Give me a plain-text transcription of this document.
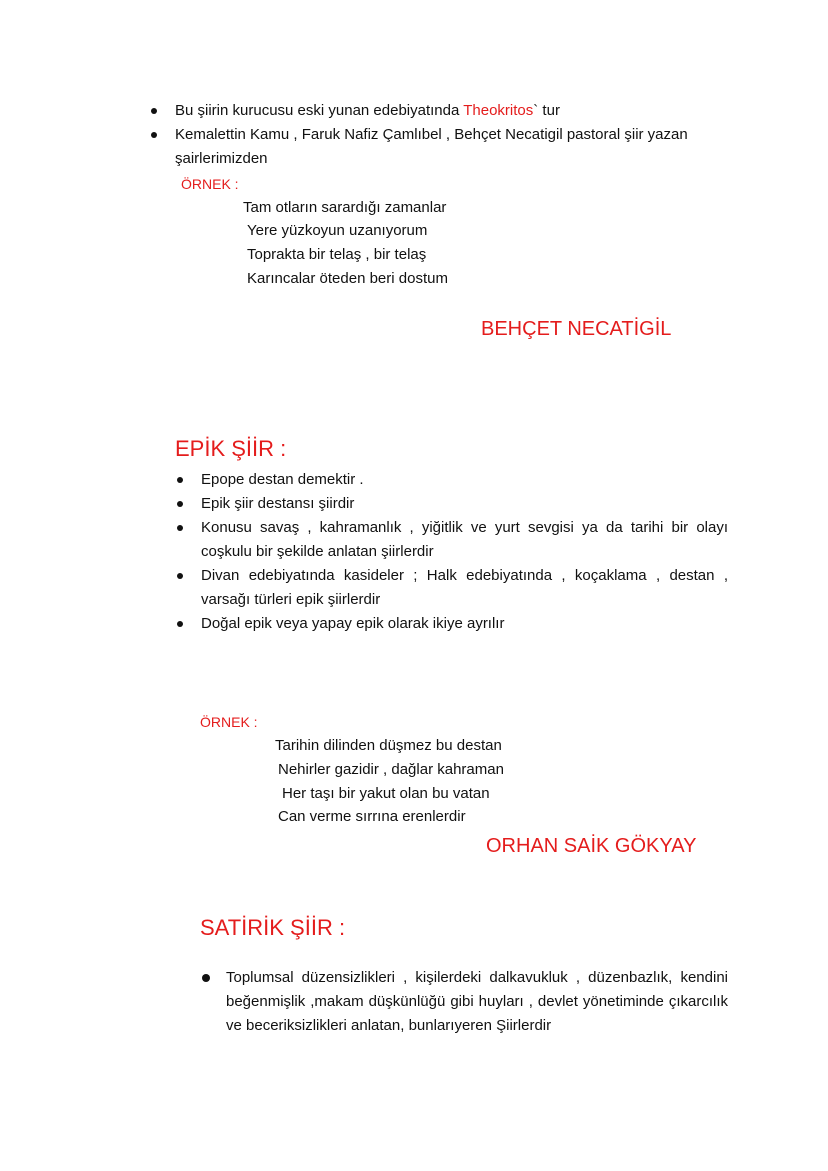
Bu şiirin kurucusu eski yunan edebiyatında Theokritos` tur
Kemalettin Kamu , Faruk Nafiz Çamlıbel , Behçet Necatigil pastoral şiir yazan şairlerimizden
ÖRNEK :
Tam otların sarardığı zamanlar
Yere yüzkoyun uzanıyorum
Toprakta bir telaş , bir telaş
Karıncalar öteden beri dostum
BEHÇET NECATİGİL
EPİK ŞİİR :
Epope destan demektir .
Epik şiir destansı şiirdir
Konusu savaş , kahramanlık , yiğitlik ve yurt sevgisi ya da tarihi bir olayı coşkulu bir şekilde anlatan şiirlerdir
Divan edebiyatında kasideler ; Halk edebiyatında , koçaklama , destan , varsağı türleri epik şiirlerdir
Doğal epik veya yapay epik olarak ikiye ayrılır
ÖRNEK :
Tarihin dilinden düşmez bu destan
Nehirler gazidir , dağlar kahraman
Her taşı bir yakut olan bu vatan
Can verme sırrına erenlerdir
ORHAN SAİK GÖKYAY
SATİRİK ŞİİR :
Toplumsal düzensizlikleri , kişilerdeki dalkavukluk , düzenbazlık, kendini beğenmişlik ,makam düşkünlüğü gibi huyları , devlet yönetiminde çıkarcılık ve beceriksizlikleri anlatan, bunlarıyeren Şiirlerdir
